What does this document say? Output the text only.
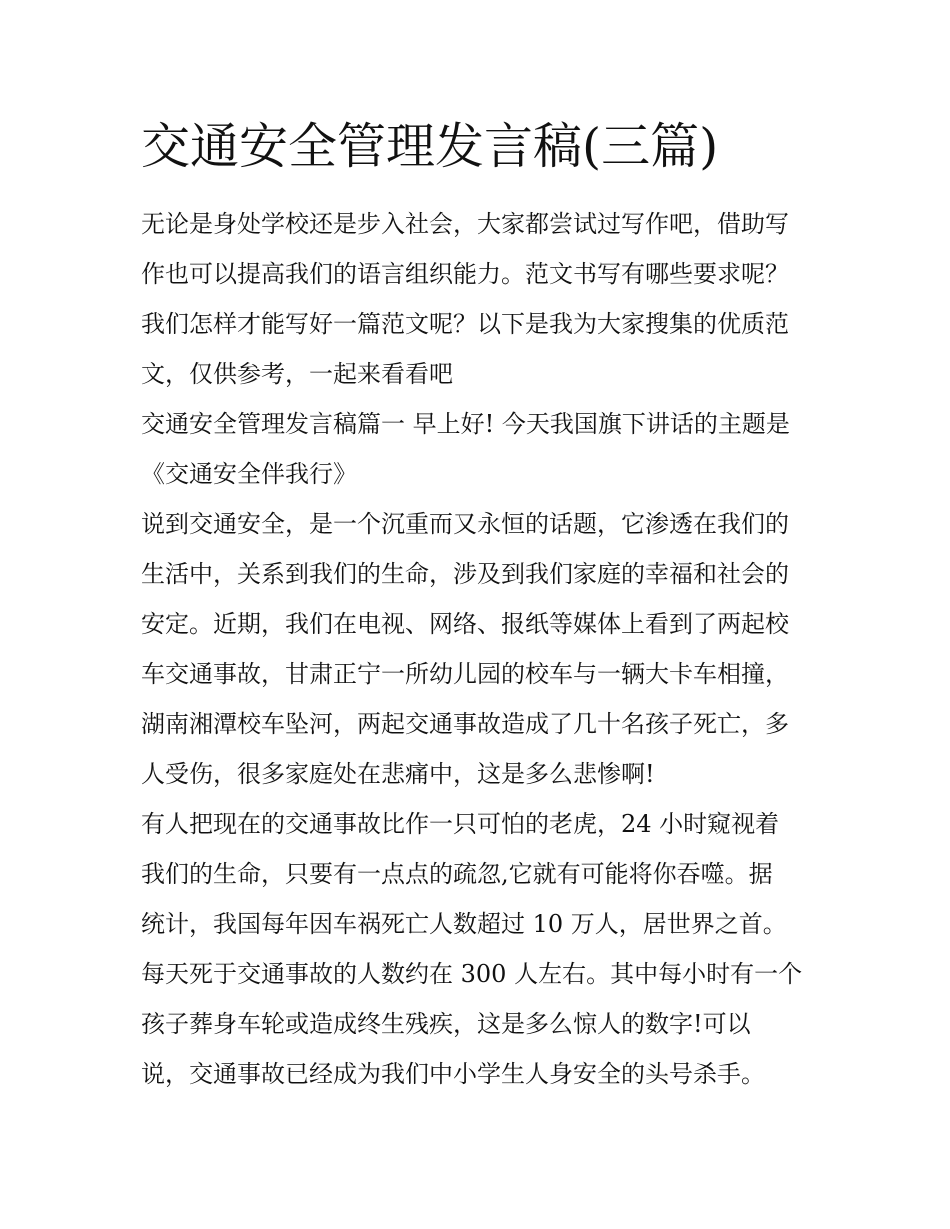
交通安全管理发言稿(三篇)

无论是身处学校还是步入社会，大家都尝试过写作吧，借助写

作也可以提高我们的语言组织能力。范文书写有哪些要求呢？

我们怎样才能写好一篇范文呢？以下是我为大家搜集的优质范

文，仅供参考，一起来看看吧

交通安全管理发言稿篇一 早上好! 今天我国旗下讲话的主题是

《交通安全伴我行》

说到交通安全，是一个沉重而又永恒的话题，它渗透在我们的

生活中，关系到我们的生命，涉及到我们家庭的幸福和社会的

安定。近期，我们在电视、网络、报纸等媒体上看到了两起校

车交通事故，甘肃正宁一所幼儿园的校车与一辆大卡车相撞，

湖南湘潭校车坠河，两起交通事故造成了几十名孩子死亡，多

人受伤，很多家庭处在悲痛中，这是多么悲惨啊!

有人把现在的交通事故比作一只可怕的老虎，24 小时窥视着

我们的生命，只要有一点点的疏忽,它就有可能将你吞噬。据

统计，我国每年因车祸死亡人数超过 10 万人，居世界之首。

每天死于交通事故的人数约在 300 人左右。其中每小时有一个

孩子葬身车轮或造成终生残疾，这是多么惊人的数字!可以

说，交通事故已经成为我们中小学生人身安全的头号杀手。
